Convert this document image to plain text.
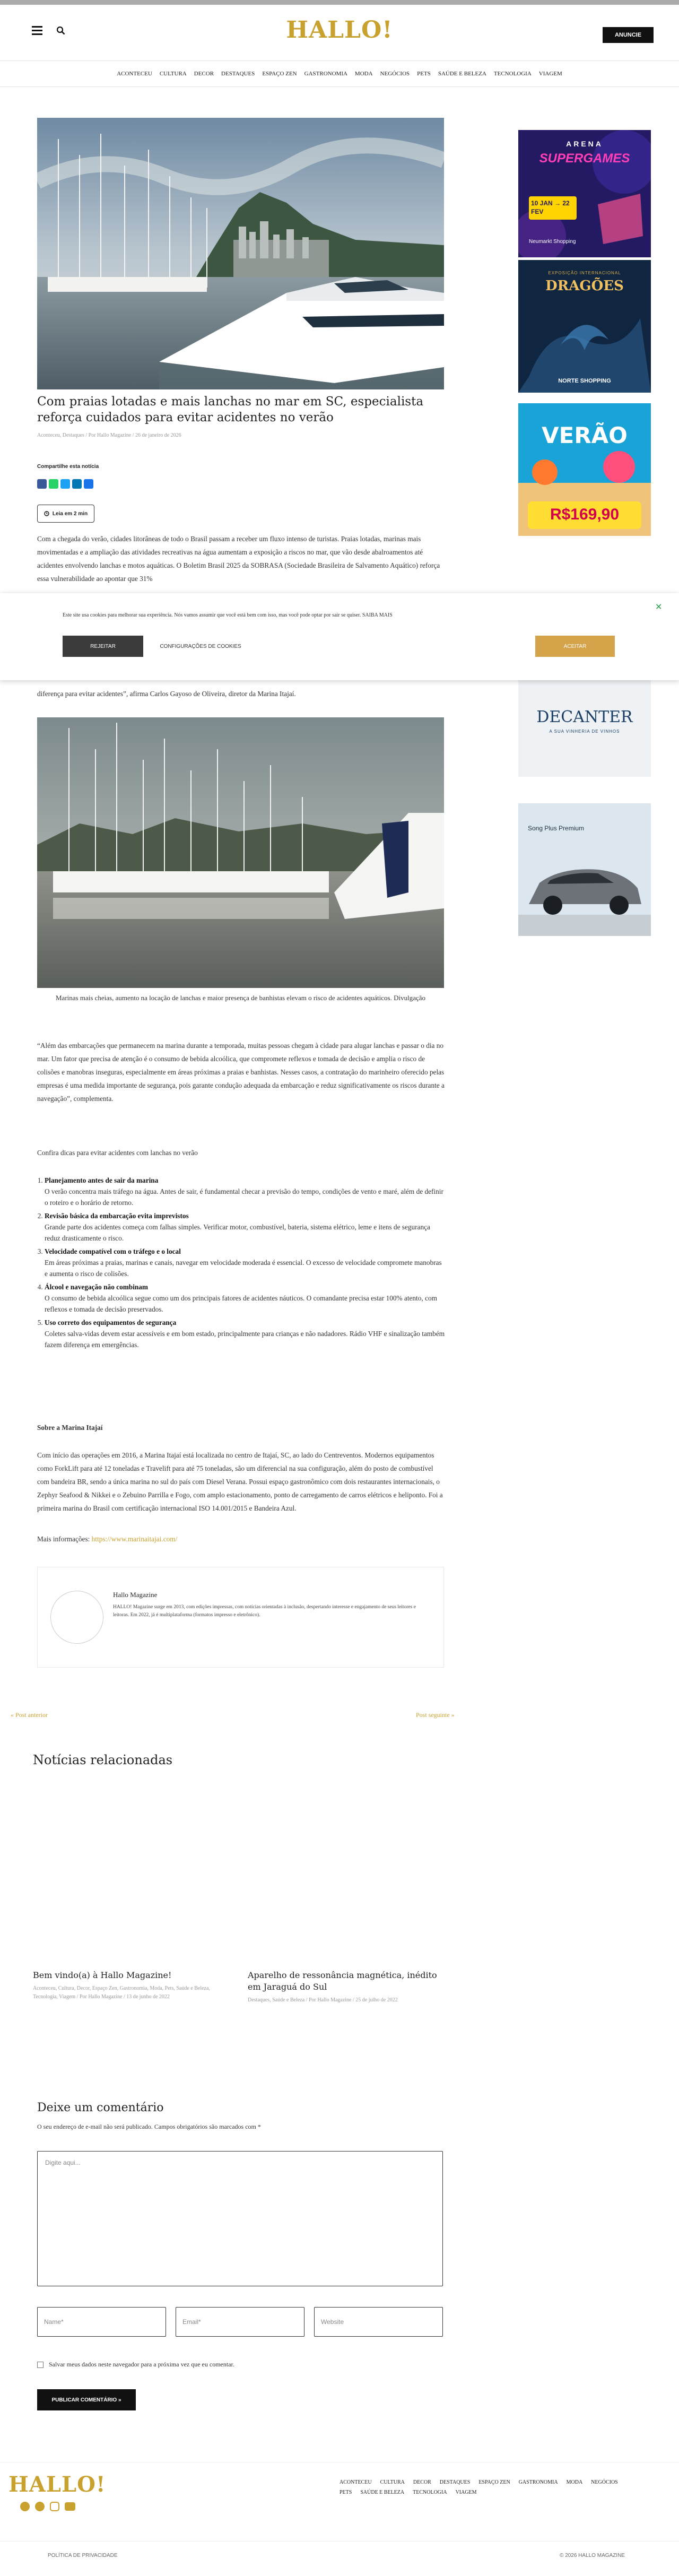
HALLO!	ANUNCIE
ACONTECEU	CULTURA	DECOR	DESTAQUES	ESPAÇO ZEN	GASTRONOMIA	MODA	NEGÓCIOS	PETS	SAÚDE E BELEZA	TECNOLOGIA	VIAGEM
Com praias lotadas e mais lanchas no mar em SC, especialista reforça cuidados para evitar acidentes no verão
Aconteceu, Destaques / Por Hallo Magazine / 26 de janeiro de 2026
Compartilhe esta notícia
Leia em 2 min
Com a chegada do verão, cidades litorâneas de todo o Brasil passam a receber um fluxo intenso de turistas. Praias lotadas, marinas mais movimentadas e a ampliação das atividades recreativas na água aumentam a exposição a riscos no mar, que vão desde abalroamentos até acidentes envolvendo lanchas e motos aquáticas. O Boletim Brasil 2025 da SOBRASA (Sociedade Brasileira de Salvamento Aquático) reforça essa vulnerabilidade ao apontar que 31%
Este site usa cookies para melhorar sua experiência. Nós vamos assumir que você está bem com isso, mas você pode optar por sair se quiser. SAIBA MAIS
✕
REJEITAR	CONFIGURAÇÕES DE COOKIES	ACEITAR
diferença para evitar acidentes”, afirma Carlos Gayoso de Oliveira, diretor da Marina Itajaí.
Marinas mais cheias, aumento na locação de lanchas e maior presença de banhistas elevam o risco de acidentes aquáticos. Divulgação
“Além das embarcações que permanecem na marina durante a temporada, muitas pessoas chegam à cidade para alugar lanchas e passar o dia no mar. Um fator que precisa de atenção é o consumo de bebida alcoólica, que compromete reflexos e tomada de decisão e amplia o risco de colisões e manobras inseguras, especialmente em áreas próximas a praias e banhistas. Nesses casos, a contratação do marinheiro oferecido pelas empresas é uma medida importante de segurança, pois garante condução adequada da embarcação e reduz significativamente os riscos durante a navegação”, complementa.
Confira dicas para evitar acidentes com lanchas no verão
1. Planejamento antes de sair da marina
O verão concentra mais tráfego na água. Antes de sair, é fundamental checar a previsão do tempo, condições de vento e maré, além de definir o roteiro e o horário de retorno.
2. Revisão básica da embarcação evita imprevistos
Grande parte dos acidentes começa com falhas simples. Verificar motor, combustível, bateria, sistema elétrico, leme e itens de segurança reduz drasticamente o risco.
3. Velocidade compatível com o tráfego e o local
Em áreas próximas a praias, marinas e canais, navegar em velocidade moderada é essencial. O excesso de velocidade compromete manobras e aumenta o risco de colisões.
4. Álcool e navegação não combinam
O consumo de bebida alcoólica segue como um dos principais fatores de acidentes náuticos. O comandante precisa estar 100% atento, com reflexos e tomada de decisão preservados.
5. Uso correto dos equipamentos de segurança
Coletes salva-vidas devem estar acessíveis e em bom estado, principalmente para crianças e não nadadores. Rádio VHF e sinalização também fazem diferença em emergências.
Sobre a Marina Itajaí
Com início das operações em 2016, a Marina Itajaí está localizada no centro de Itajaí, SC, ao lado do Centreventos. Modernos equipamentos como ForkLift para até 12 toneladas e Travelift para até 75 toneladas, são um diferencial na sua configuração, além do posto de combustível com bandeira BR, sendo a única marina no sul do país com Diesel Verana. Possui espaço gastronômico com dois restaurantes internacionais, o Zephyr Seafood & Nikkei e o Zebuino Parrilla e Fogo, com amplo estacionamento, ponto de carregamento de carros elétricos e heliponto. Foi a primeira marina do Brasil com certificação internacional ISO 14.001/2015 e Bandeira Azul.
Mais informações: https://www.marinaitajai.com/
Hallo Magazine
HALLO! Magazine surge em 2013, com edições impressas, com notícias orientadas à inclusão, despertando interesse e engajamento de seus leitores e leitoras. Em 2022, já é multiplataforma (formatos impresso e eletrônico).
« Post anterior	Post seguinte »
Notícias relacionadas
Bem vindo(a) à Hallo Magazine!

Aconteceu, Cultura, Decor, Espaço Zen, Gastronomia, Moda, Pets, Saúde e Beleza, Tecnologia, Viagem / Por Hallo Magazine / 13 de junho de 2022

Aparelho de ressonância magnética, inédito em Jaraguá do Sul

Destaques, Saúde e Beleza / Por Hallo Magazine / 25 de julho de 2022

Deixe um comentário
O seu endereço de e-mail não será publicado. Campos obrigatórios são marcados com *
Digite aqui...
Name*	Email*	Website
Salvar meus dados neste navegador para a próxima vez que eu comentar.
PUBLICAR COMENTÁRIO »
ARENA
SUPERGAMES
10 JAN → 22 FEV
Neumarkt Shopping
EXPOSIÇÃO INTERNACIONAL
DRAGÕES
NORTE SHOPPING
VERÃO
R$169,90
DECANTER
A SUA VINHERIA DE VINHOS
Song Plus Premium
HALLO!	ACONTECEU CULTURA DECOR DESTAQUES ESPAÇO ZEN GASTRONOMIA MODA NEGÓCIOS
PETS SAÚDE E BELEZA TECNOLOGIA VIAGEM
POLÍTICA DE PRIVACIDADE	© 2026 HALLO MAGAZINE
